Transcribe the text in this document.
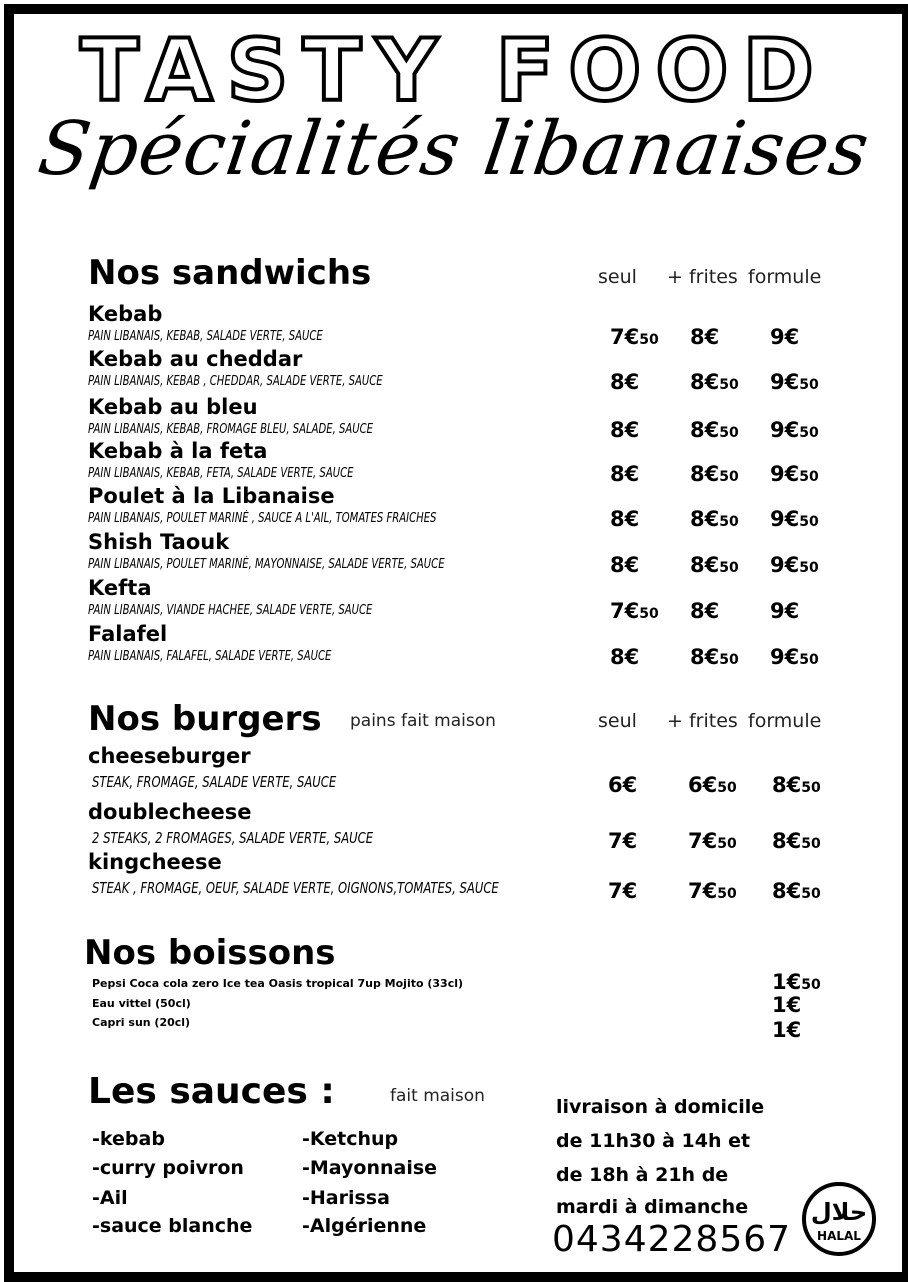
TASTY FOOD
Spécialités libanaises
Nos sandwichs	seul + frites formule
Kebab
PAIN LIBANAIS, KEBAB, SALADE VERTE, SAUCE	7€50 8€ 9€
Kebab au cheddar
PAIN LIBANAIS, KEBAB , CHEDDAR, SALADE VERTE, SAUCE	8€ 8€50 9€50
Kebab au bleu
PAIN LIBANAIS, KEBAB, FROMAGE BLEU, SALADE, SAUCE	8€ 8€50 9€50
Kebab à la feta
PAIN LIBANAIS, KEBAB, FETA, SALADE VERTE, SAUCE	8€ 8€50 9€50
Poulet à la Libanaise
PAIN LIBANAIS, POULET MARINÉ , SAUCE A L'AIL, TOMATES FRAICHES	8€ 8€50 9€50
Shish Taouk
PAIN LIBANAIS, POULET MARINÉ, MAYONNAISE, SALADE VERTE, SAUCE	8€ 8€50 9€50
Kefta
PAIN LIBANAIS, VIANDE HACHEE, SALADE VERTE, SAUCE	7€50 8€ 9€
Falafel
PAIN LIBANAIS, FALAFEL, SALADE VERTE, SAUCE	8€ 8€50 9€50
Nos burgers pains fait maison	seul + frites formule
cheeseburger
STEAK, FROMAGE, SALADE VERTE, SAUCE	6€ 6€50 8€50
doublecheese
2 STEAKS, 2 FROMAGES, SALADE VERTE, SAUCE	7€ 7€50 8€50
kingcheese
STEAK , FROMAGE, OEUF, SALADE VERTE, OIGNONS,TOMATES, SAUCE	7€ 7€50 8€50
Nos boissons
Pepsi Coca cola zero Ice tea Oasis tropical 7up Mojito (33cl)	1€50
Eau vittel (50cl)	1€
Capri sun (20cl)	1€
Les sauces :	fait maison
-kebab
-curry poivron
-Ail
-sauce blanche
-Ketchup
-Mayonnaise
-Harissa
-Algérienne
livraison à domicile
de 11h30 à 14h et
de 18h à 21h de
mardi à dimanche
0434228567
حلال
HALAL
